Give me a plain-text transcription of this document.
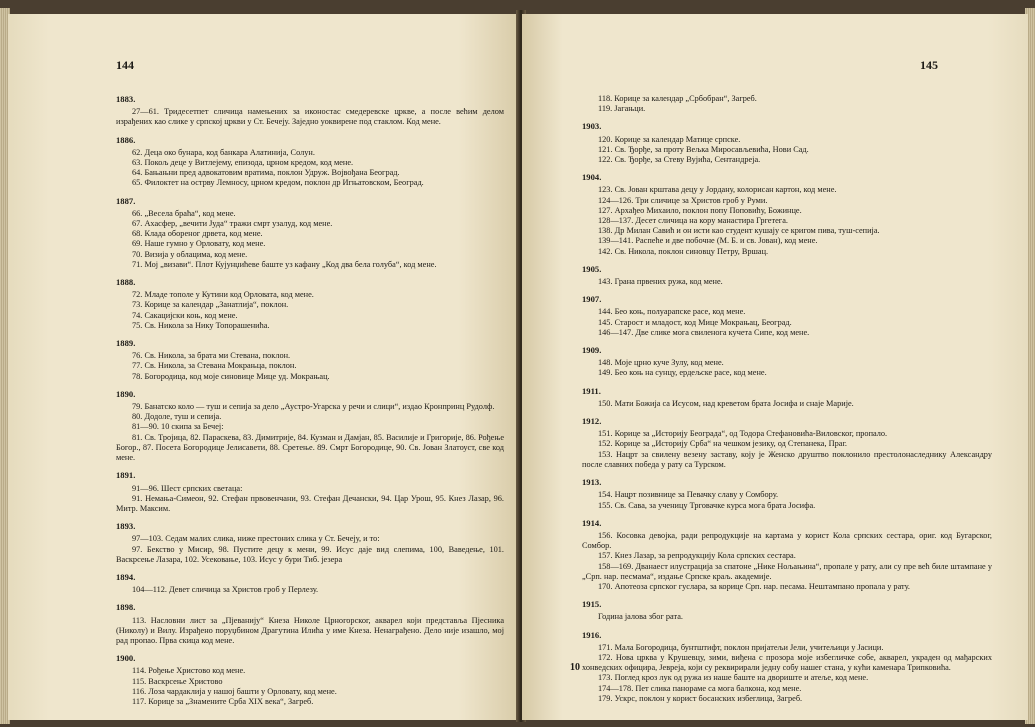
144
1883.
27—61. Тридесетпет сличица намењених за иконостас смедеревске цркве, а после већим делом израђених као слике у српској цркви у Ст. Бечеју. Заједно уоквирене под стаклом. Код мене.
1886.
62. Деца око бунара, код банкара Алатинија, Солун.
63. Покољ деце у Витлејему, епизода, црном кредом, код мене.
64. Бањањни пред адвокатовим вратима, поклон Удруж. Војвођана Београд.
65. Филоктет на острву Лемносу, црном кредом, поклон др Игњатовском, Београд.
1887.
66. „Весела браћа“, код мене.
67. Ахасфер, „вечити Јуда“ тражи смрт узалуд, код мене.
68. Клада обореног дрвета, код мене.
69. Наше гумно у Орловату, код мене.
70. Визија у облацима, код мене.
71. Мој „визави“. Плот Кујунџићеве баште уз кафану „Код два бела голуба“, код мене.
1888.
72. Младе тополе у Кутини код Орловата, код мене.
73. Корице за календар „Занатлија“, поклон.
74. Сакацијски коњ, код мене.
75. Св. Никола за Нику Топорашенића.
1889.
76. Св. Никола, за брата ми Стевана, поклон.
77. Св. Никола, за Стевана Мокрањца, поклон.
78. Богородица, код моје синовице Мице уд. Мокрањац.
1890.
79. Банатско коло — туш и сепија за дело „Аустро-Угарска у речи и слици“, издао Кронпринц Рудолф.
80. Додоле, туш и сепија.
81—90. 10 скипа за Бечеј:
81. Св. Тројица, 82. Параскева, 83. Димитрије, 84. Кузман и Дамјан, 85. Василије и Григорије, 86. Рођење Богор., 87. Посета Богородице Јелисавети, 88. Сретење. 89. Смрт Богородице, 90. Св. Јован Златоуст, све код мене.
1891.
91—96. Шест српских светаца:
91. Немања-Симеон, 92. Стефан првовенчани, 93. Стефан Дечански, 94. Цар Урош, 95. Кнез Лазар, 96. Митр. Максим.
1893.
97—103. Седам малих слика, ниже престоних слика у Ст. Бечеју, и то:
97. Бекство у Мисир, 98. Пустите децу к мени, 99. Исус даје вид слепима, 100, Ваведење, 101. Васкрсење Лазара, 102. Усековање, 103. Исус у бури Тиб. језера
1894.
104—112. Девет сличица за Христов гроб у Перлезу.
1898.
113. Насловни лист за „Пјеванију“ Кнеза Николе Црногорског, акварел који представља Пјесника (Николу) и Вилу. Израђено поруџбином Драгутина Илића у име Кнеза. Ненаграђено. Дело није изашло, мој рад пропао. Прва скица код мене.
1900.
114. Рођење Христово код мене.
115. Васкрсење Христово
116. Лоза чардаклија у нашој башти у Орловату, код мене.
117. Корице за „Знамените Срба XIX века“, Загреб.
145
118. Корице за календар „Србобран“, Загреб.
119. Јагањци.
1903.
120. Корице за календар Матице српске.
121. Св. Ђорђе, за проту Вељка Миросављевића, Нови Сад.
122. Св. Ђорђе, за Стеву Вујића, Сентандреја.
1904.
123. Св. Јован крштава децу у Јордану, колорисан картон, код мене.
124—126. Три сличице за Христов гроб у Руми.
127. Архађео Михаило, поклон попу Поповићу, Божинце.
128—137. Десет сличица на кору манастира Гргетега.
138. Др Милан Савић и он исти као студент кушају се кригом пива, туш-сепија.
139—141. Распеће и две побочне (М. Б. и св. Јован), код мене.
142. Св. Никола, поклон синовцу Петру, Вршац.
1905.
143. Грана првених ружа, код мене.
1907.
144. Бео коњ, полуарапске расе, код мене.
145. Старост и младост, код Мице Мокрањац, Београд.
146—147. Две слике мога свиленога кучета Сипе, код мене.
1909.
148. Моје црно куче Зулу, код мене.
149. Бео коњ на сунцу, ердељске расе, код мене.
1911.
150. Мати Божија са Исусом, над креветом брата Јосифа и снаје Марије.
1912.
151. Корице за „Историју Београда“, од Тодора Стефановића-Виловског, пропало.
152. Корице за „Историју Срба“ на чешком језику, од Степанека, Праг.
153. Нацрт за свилену везену заставу, коју је Женско друштво поклонило престолонаследнику Александру после славних победа у рату са Турском.
1913.
154. Нацрт позивнице за Певачку славу у Сомбору.
155. Св. Сава, за ученицу Трговачке курса мога брата Јосифа.
1914.
156. Косовка девојка, ради репродукције на картама у корист Кола српских сестара, ориг. код Бугарског, Сомбор.
157. Кнез Лазар, за репродукцију Кола српских сестара.
158—169. Дванаест илустрација за спатоне „Нике Нољањина“, пропале у рату, али су пре већ биле штампане у „Срп. нар. песмама“, издање Српске краљ. академије.
170. Апотеоза српског гуслара, за корице Срп. нар. песама. Нештампано пропала у рату.
1915.
Година јалова због рата.
1916.
171. Мала Богородица, бунтштифт, поклон пријатељи Јели, учитељици у Јасици.
172. Нова црква у Крушевцу, зими, виђена с прозора моје избегличке собе, акварел, украден од мађарских хонведских официра, Јеврејa, који су реквирирали једну собу нашег стана, у кући каменара Трипковића.
173. Поглед кроз лук од ружа из наше баште на двориште и атеље, код мене.
174—178. Пет слика панораме са мога балкона, код мене.
179. Ускрс, поклон у корист босанских избеглица, Загреб.
10
